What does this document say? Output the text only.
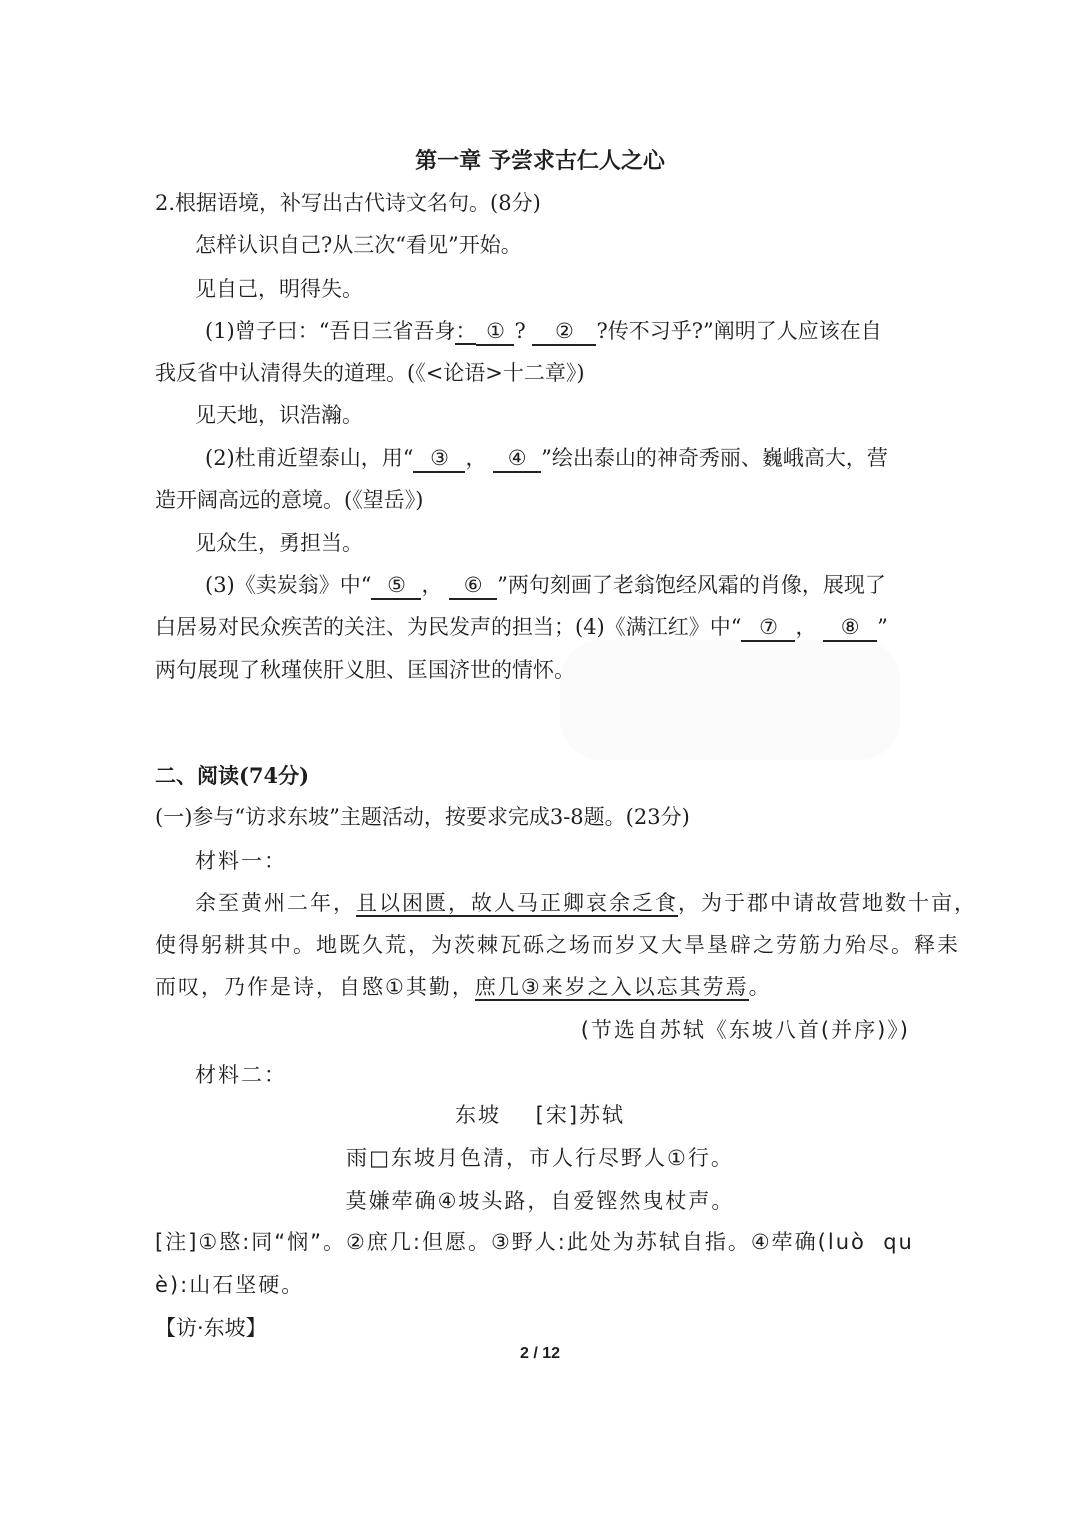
第一章 予尝求古仁人之心
2.根据语境，补写出古代诗文名句。(8分)
怎样认识自己?从三次“看见”开始。
见自己，明得失。
(1)曾子曰：“吾日三省吾身： ① ? ② ?传不习乎?”阐明了人应该在自
我反省中认清得失的道理。(《<论语>十二章》)
见天地，识浩瀚。
(2)杜甫近望泰山，用“ ③ ， ④ ”绘出泰山的神奇秀丽、巍峨高大，营
造开阔高远的意境。(《望岳》)
见众生，勇担当。
(3)《卖炭翁》中“ ⑤ ， ⑥ ”两句刻画了老翁饱经风霜的肖像，展现了
白居易对民众疾苦的关注、为民发声的担当；(4)《满江红》中“ ⑦ ， ⑧ ”
两句展现了秋瑾侠肝义胆、匡国济世的情怀。
二、阅读(74分)
(一)参与“访求东坡”主题活动，按要求完成3-8题。(23分)
材料一：
余至黄州二年，且以困匮，故人马正卿哀余乏食，为于郡中请故营地数十亩，
使得躬耕其中。地既久荒，为茨棘瓦砾之场而岁又大旱垦辟之劳筋力殆尽。释耒
而叹，乃作是诗，自愍①其勤，庶几③来岁之入以忘其劳焉。
(节选自苏轼《东坡八首(并序)》)
材料二：
东坡    [宋]苏轼
雨□东坡月色清，市人行尽野人①行。
莫嫌荦确④坡头路，自爱铿然曳杖声。
[注]①愍:同“悯”。②庶几:但愿。③野人:此处为苏轼自指。④荦确(luò  qu
è):山石坚硬。
【访·东坡】
2 / 12
